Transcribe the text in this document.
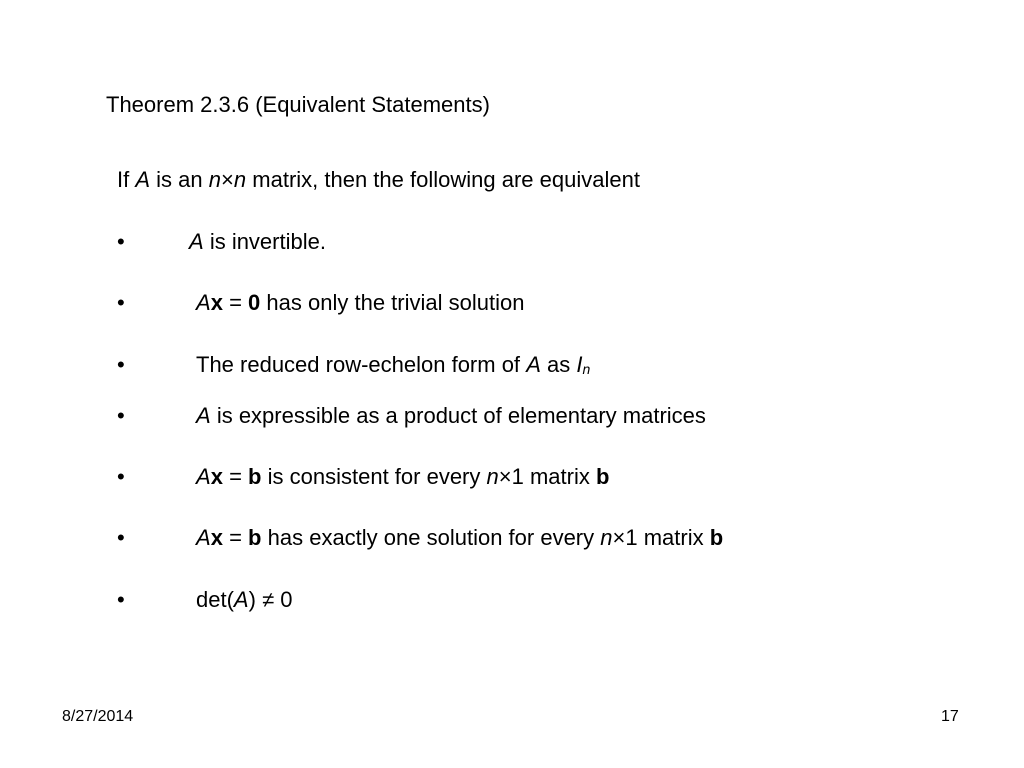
Theorem 2.3.6 (Equivalent Statements)
If A is an n×n matrix, then the following are equivalent
•	A is invertible.
•	Ax = 0 has only the trivial solution
•	The reduced row-echelon form of A as $I_n$
•	A is expressible as a product of elementary matrices
•	Ax = b is consistent for every n×1 matrix b
•	Ax = b has exactly one solution for every n×1 matrix b
•	det(A) ≠ 0
8/27/2014	17
